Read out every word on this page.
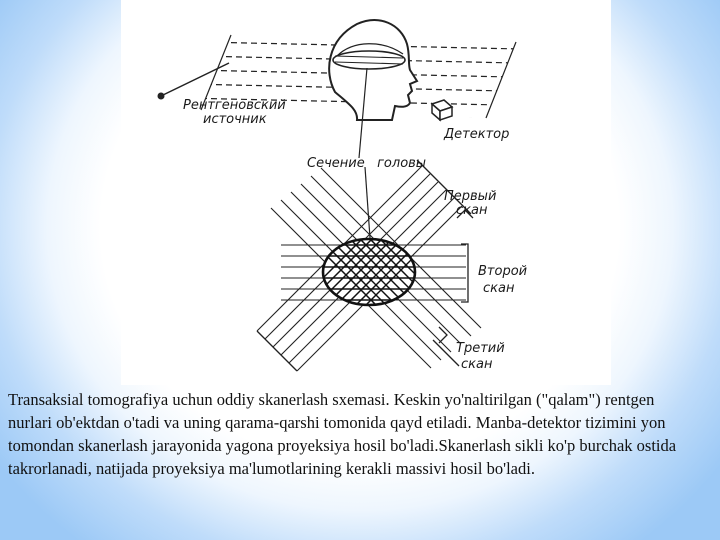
Рентгеновский
источник
Детектор
Сечение   головы
Первый
скан
Второй
скан
Третий
скан

Transaksial tomografiya uchun oddiy skanerlash sxemasi. Keskin yo'naltirilgan ("qalam") rentgen nurlari ob'ektdan o'tadi va uning qarama-qarshi tomonida qayd etiladi. Manba-detektor tizimini yon tomondan skanerlash jarayonida yagona proyeksiya hosil bo'ladi.Skanerlash sikli ko'p burchak ostida takrorlanadi, natijada proyeksiya ma'lumotlarining kerakli massivi hosil bo'ladi.
